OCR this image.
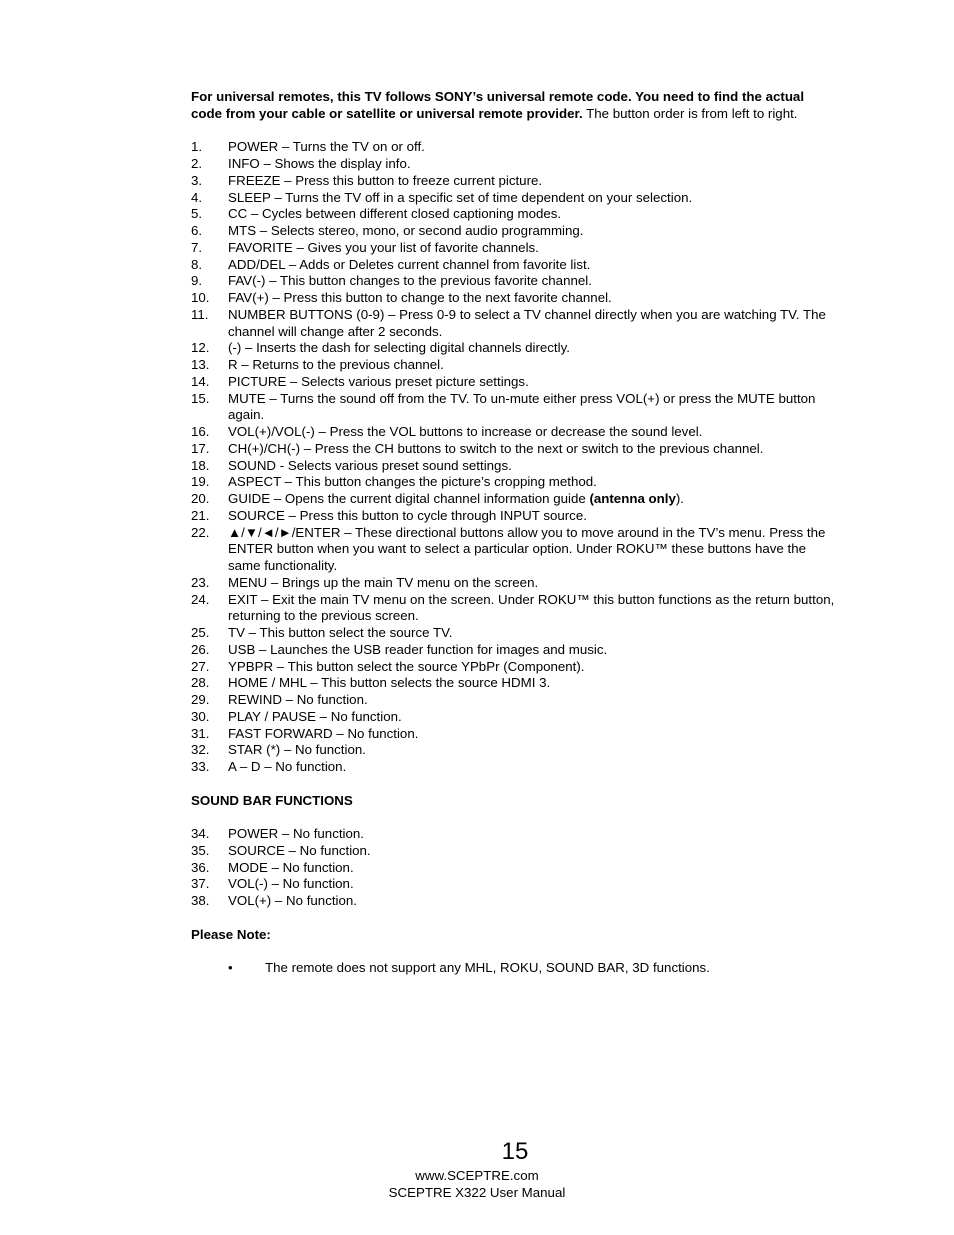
For universal remotes, this TV follows SONY’s universal remote code. You need to find the actual code from your cable or satellite or universal remote provider. The button order is from left to right.

1.	POWER – Turns the TV on or off.
2.	INFO – Shows the display info.
3.	FREEZE – Press this button to freeze current picture.
4.	SLEEP – Turns the TV off in a specific set of time dependent on your selection.
5.	CC – Cycles between different closed captioning modes.
6.	MTS – Selects stereo, mono, or second audio programming.
7.	FAVORITE – Gives you your list of favorite channels.
8.	ADD/DEL – Adds or Deletes current channel from favorite list.
9.	FAV(-) – This button changes to the previous favorite channel.
10.	FAV(+) – Press this button to change to the next favorite channel.
11.	NUMBER BUTTONS (0-9) – Press 0-9 to select a TV channel directly when you are watching TV. The channel will change after 2 seconds.
12.	(-) – Inserts the dash for selecting digital channels directly.
13.	R – Returns to the previous channel.
14.	PICTURE – Selects various preset picture settings.
15.	MUTE – Turns the sound off from the TV. To un-mute either press VOL(+) or press the MUTE button again.
16.	VOL(+)/VOL(-) – Press the VOL buttons to increase or decrease the sound level.
17.	CH(+)/CH(-) – Press the CH buttons to switch to the next or switch to the previous channel.
18.	SOUND - Selects various preset sound settings.
19.	ASPECT – This button changes the picture’s cropping method.
20.	GUIDE – Opens the current digital channel information guide (antenna only).
21.	SOURCE – Press this button to cycle through INPUT source.
22.	▲/▼/◄/►/ENTER – These directional buttons allow you to move around in the TV’s menu. Press the ENTER button when you want to select a particular option. Under ROKU™ these buttons have the same functionality.
23.	MENU – Brings up the main TV menu on the screen.
24.	EXIT – Exit the main TV menu on the screen. Under ROKU™ this button functions as the return button, returning to the previous screen.
25.	TV – This button select the source TV.
26.	USB – Launches the USB reader function for images and music.
27.	YPBPR – This button select the source YPbPr (Component).
28.	HOME / MHL – This button selects the source HDMI 3.
29.	REWIND – No function.
30.	PLAY / PAUSE – No function.
31.	FAST FORWARD – No function.
32.	STAR (*) – No function.
33.	A – D – No function.
SOUND BAR FUNCTIONS
34.	POWER – No function.
35.	SOURCE – No function.
36.	MODE – No function.
37.	VOL(-) – No function.
38.	VOL(+) – No function.
Please Note:
•	The remote does not support any MHL, ROKU, SOUND BAR, 3D functions.
15
www.SCEPTRE.com
SCEPTRE X322 User Manual
